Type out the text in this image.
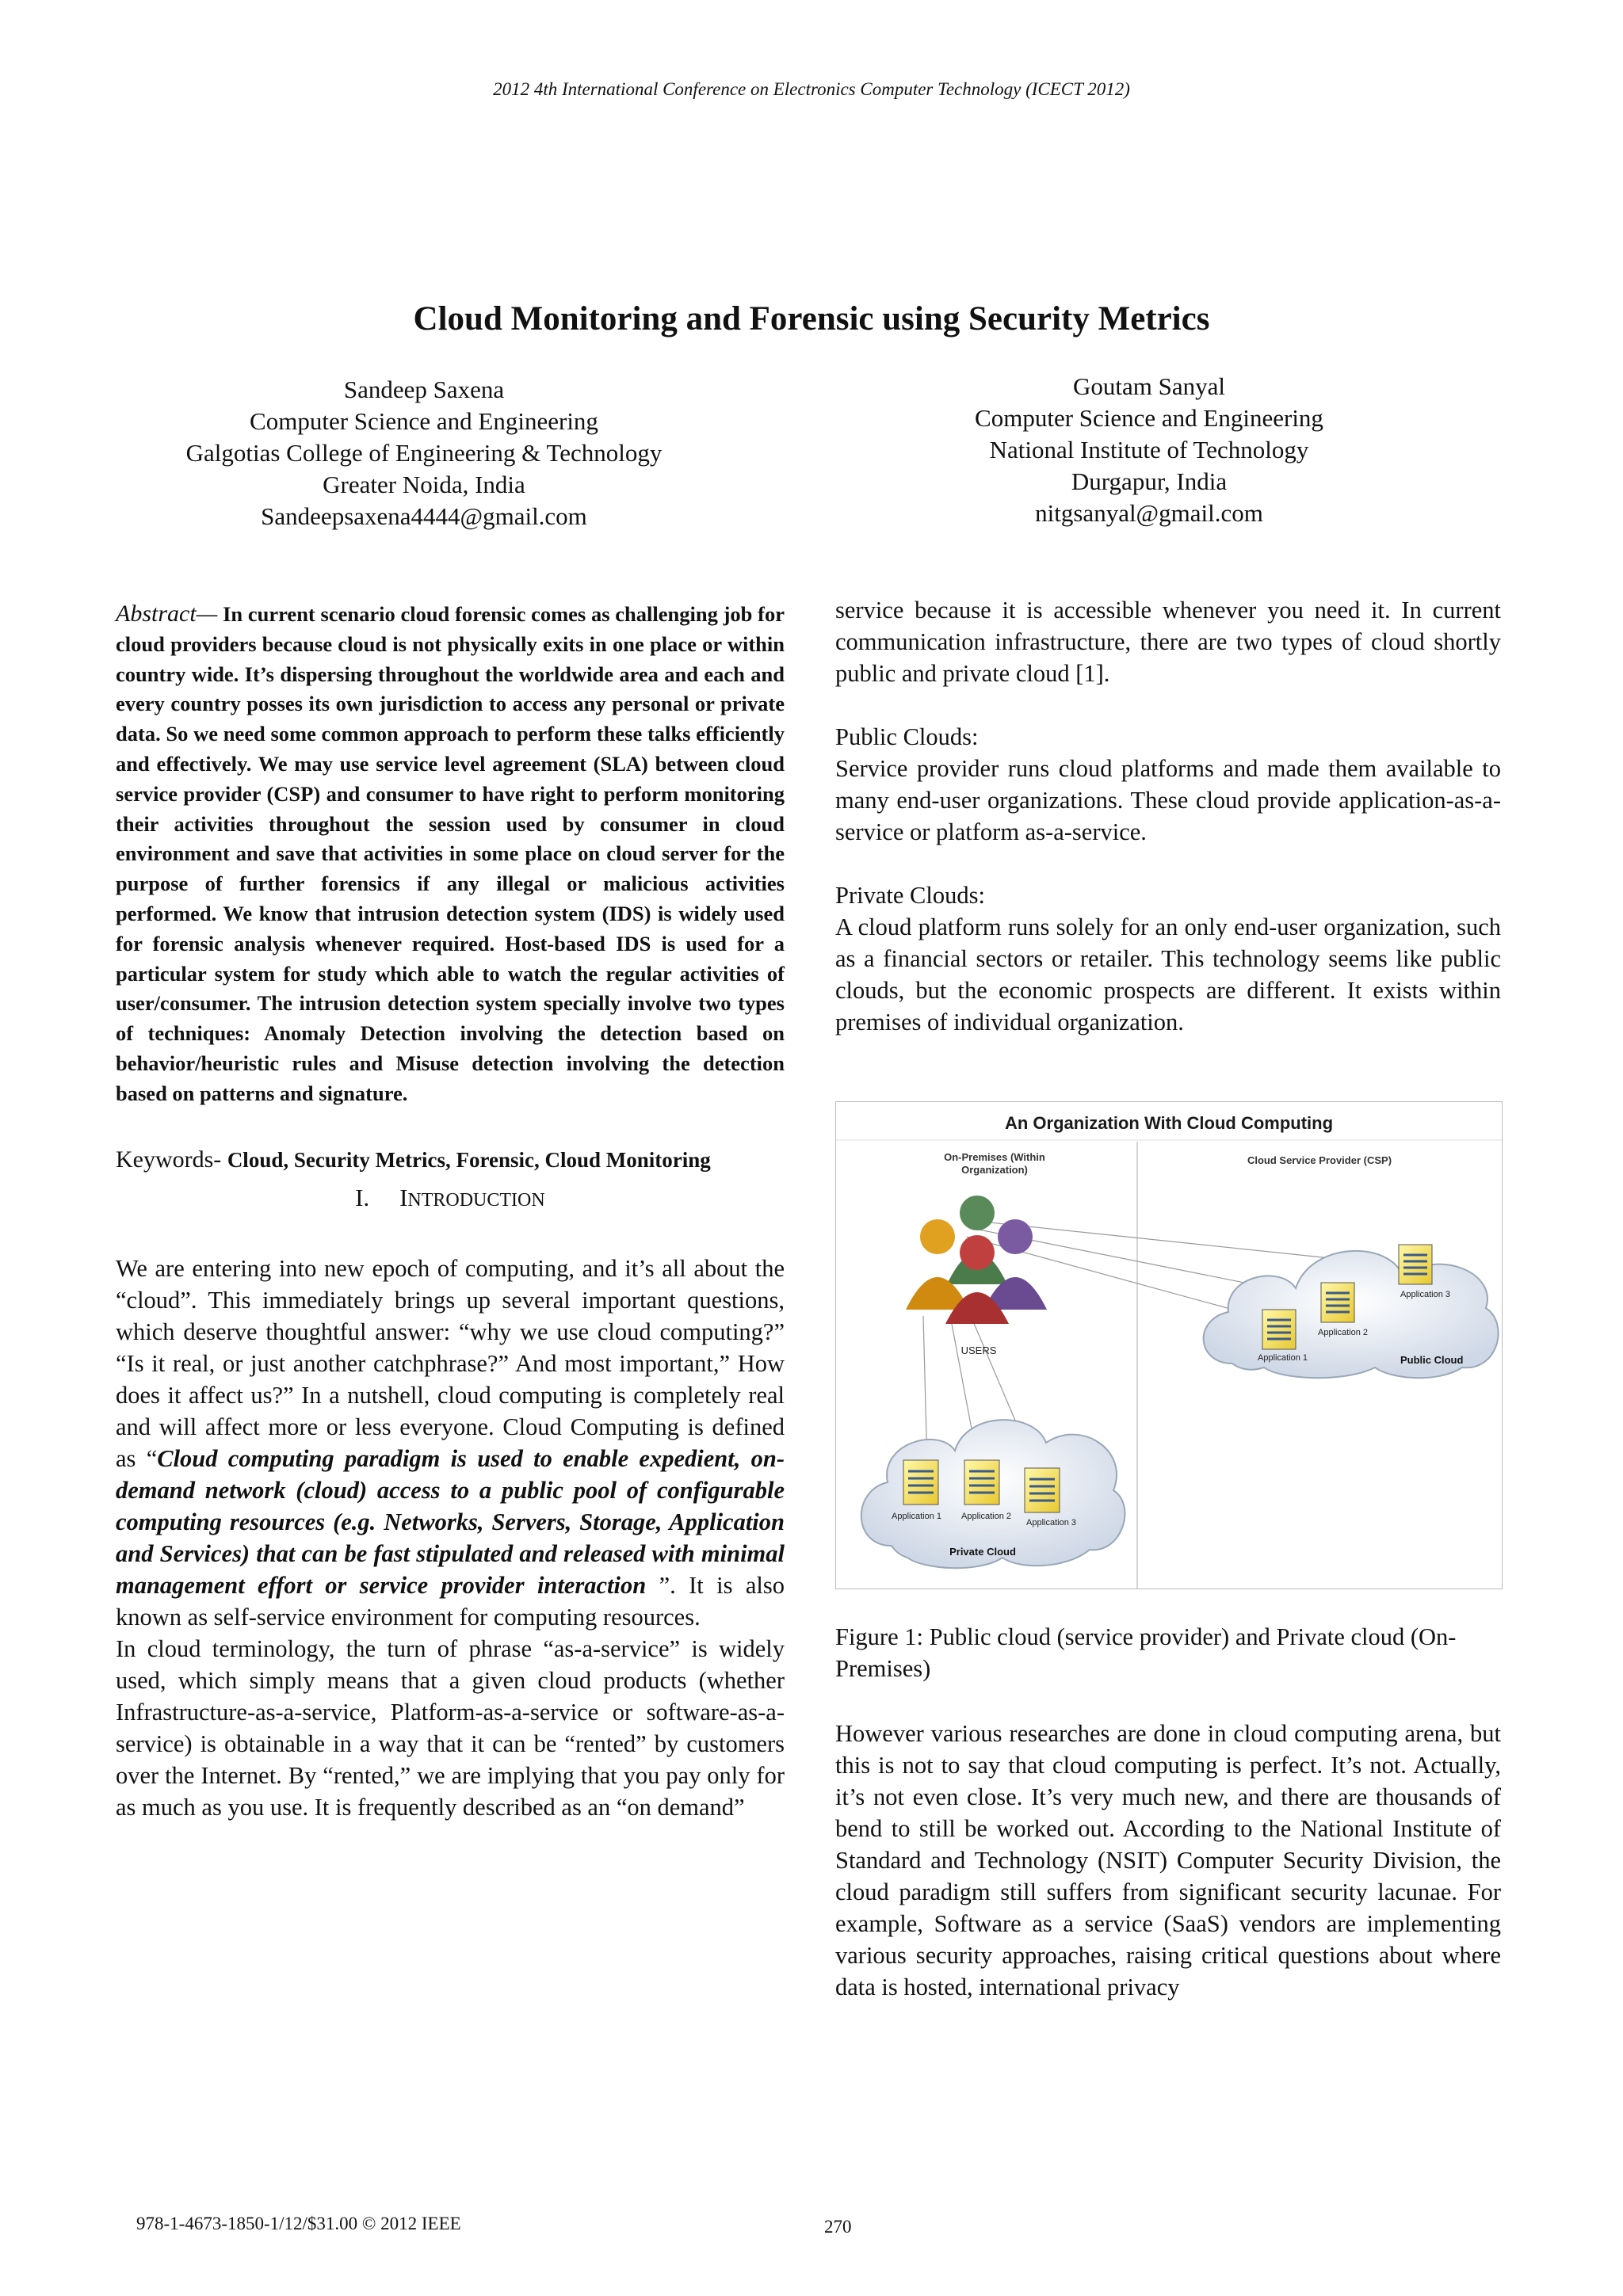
2012 4th International Conference on Electronics Computer Technology (ICECT 2012)
Cloud Monitoring and Forensic using Security Metrics
Sandeep Saxena
Computer Science and Engineering
Galgotias College of Engineering & Technology
Greater Noida, India
Sandeepsaxena4444@gmail.com
Goutam Sanyal
Computer Science and Engineering
National Institute of Technology
Durgapur, India
nitgsanyal@gmail.com

Abstract— In current scenario cloud forensic comes as challenging job for cloud providers because cloud is not physically exits in one place or within country wide. It’s dispersing throughout the worldwide area and each and every country posses its own jurisdiction to access any personal or private data. So we need some common approach to perform these talks efficiently and effectively. We may use service level agreement (SLA) between cloud service provider (CSP) and consumer to have right to perform monitoring their activities throughout the session used by consumer in cloud environment and save that activities in some place on cloud server for the purpose of further forensics if any illegal or malicious activities performed. We know that intrusion detection system (IDS) is widely used for forensic analysis whenever required. Host-based IDS is used for a particular system for study which able to watch the regular activities of user/consumer. The intrusion detection system specially involve two types of techniques: Anomaly Detection involving the detection based on behavior/heuristic rules and Misuse detection involving the detection based on patterns and signature.

Keywords- Cloud, Security Metrics, Forensic, Cloud Monitoring

I. INTRODUCTION

We are entering into new epoch of computing, and it’s all about the “cloud”. This immediately brings up several important questions, which deserve thoughtful answer: “why we use cloud computing?” “Is it real, or just another catchphrase?” And most important,” How does it affect us?” In a nutshell, cloud computing is completely real and will affect more or less everyone. Cloud Computing is defined as “Cloud computing paradigm is used to enable expedient, on-demand network (cloud) access to a public pool of configurable computing resources (e.g. Networks, Servers, Storage, Application and Services) that can be fast stipulated and released with minimal management effort or service provider interaction ”. It is also known as self-service environment for computing resources.

In cloud terminology, the turn of phrase “as-a-service” is widely used, which simply means that a given cloud products (whether Infrastructure-as-a-service, Platform-as-a-service or software-as-a-service) is obtainable in a way that it can be “rented” by customers over the Internet. By “rented,” we are implying that you pay only for as much as you use. It is frequently described as an “on demand”

service because it is accessible whenever you need it. In current communication infrastructure, there are two types of cloud shortly public and private cloud [1].

Public Clouds:

Service provider runs cloud platforms and made them available to many end-user organizations. These cloud provide application-as-a-service or platform as-a-service.

Private Clouds:

A cloud platform runs solely for an only end-user organization, such as a financial sectors or retailer. This technology seems like public clouds, but the economic prospects are different. It exists within premises of individual organization.

An Organization With Cloud Computing
On-Premises (Within
Organization)
Cloud Service Provider (CSP)
Public Cloud
Application 1
Application 2
Application 3
USERS
Private Cloud
Application 1 Application 2
Application 3
Figure 1: Public cloud (service provider) and Private cloud (On-Premises)

However various researches are done in cloud computing arena, but this is not to say that cloud computing is perfect. It’s not. Actually, it’s not even close. It’s very much new, and there are thousands of bend to still be worked out. According to the National Institute of Standard and Technology (NSIT) Computer Security Division, the cloud paradigm still suffers from significant security lacunae. For example, Software as a service (SaaS) vendors are implementing various security approaches, raising critical questions about where data is hosted, international privacy

978-1-4673-1850-1/12/$31.00 © 2012 IEEE	270
